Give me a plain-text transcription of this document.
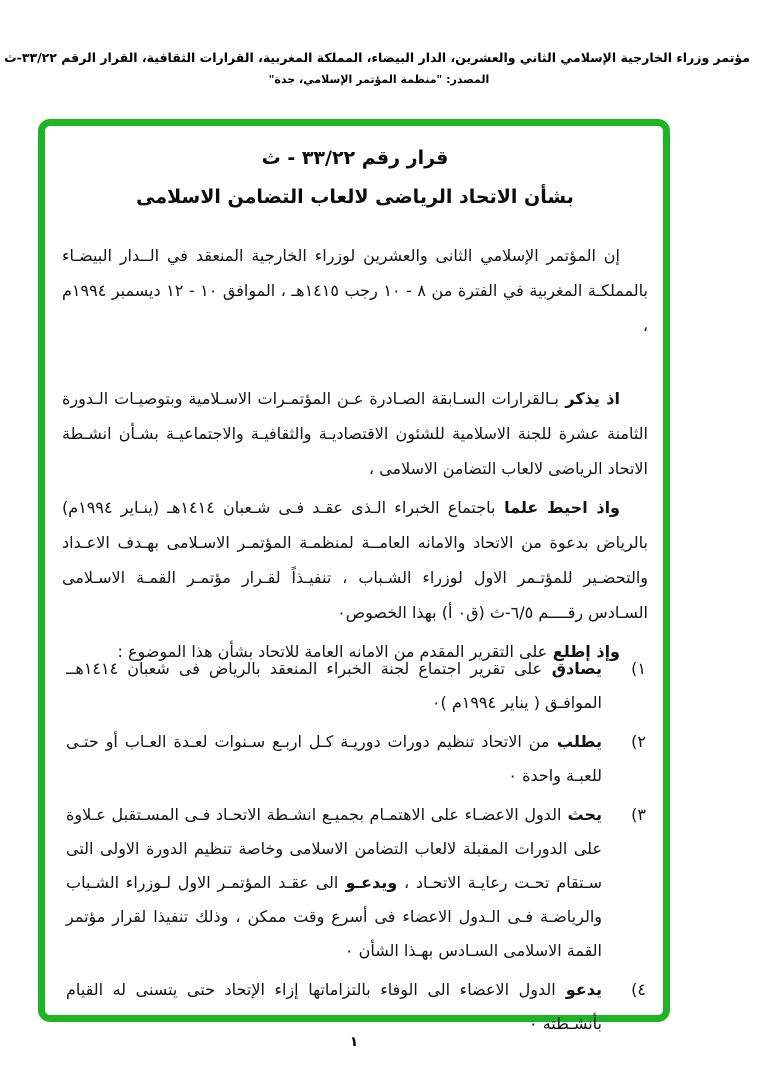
مؤتمر وزراء الخارجية الإسلامي الثاني والعشرين، الدار البيضاء، المملكة المغربية، القرارات الثقافية، القرار الرقم ٣٣/٢٢-ث
المصدر: "منظمة المؤتمر الإسلامي، جدة"
قرار رقم ٣٣/٢٢ - ث
بشأن الاتحاد الرياضى لالعاب التضامن الاسلامى

إن المؤتمر الإسلامي الثانى والعشرين لوزراء الخارجية المنعقد في الــدار البيضـاء بالمملكـة المغربية في الفترة من ٨ - ١٠ رجب ١٤١٥هـ ، الموافق ١٠ - ١٢ ديسمبر ١٩٩٤م ،

اذ يذكر بـالقرارات السـابقة الصـادرة عـن المؤتمـرات الاسـلامية وبتوصيـات الـدورة الثامنة عشرة للجنة الاسلامية للشئون الاقتصاديـة والثقافيـة والاجتماعيـة بشـأن انشـطة الاتحاد الرياضى لالعاب التضامن الاسلامى ،

واذ احيط علما باجتماع الخبراء الـذى عقـد فـى شـعبان ١٤١٤هـ (ينـاير ١٩٩٤م) بالرياض بدعوة من الاتحاد والامانه العامــة لمنظمـة المؤتمـر الاسـلامى بهـدف الاعـداد والتحضـير للمؤتـمر الاول لوزراء الشـباب ، تنفيـذاً لقـرار مؤتمـر القمـة الاسـلامى السـادس رقــــم ٦/٥-ث (ق٠ أ) بهذا الخصوص٠

وإذ إطلع على التقرير المقدم من الامانه العامة للاتحاد بشأن هذا الموضوع :

١)
يصادق على تقرير اجتماع لجنة الخبراء المنعقد بالرياض فى شعبان ١٤١٤هــ الموافـق ( يناير ١٩٩٤م )٠
٢)
يطلب من الاتحاد تنظيم دورات دوريـة كـل اربـع سـنوات لعـدة العـاب أو حتـى للعبـة واحدة ٠
٣)
يحث الدول الاعضـاء على الاهتمـام بجميـع انشـطة الاتحـاد فـى المسـتقبل عـلاوة على الدورات المقبلة لالعاب التضامن الاسلامى وخاصة تنظيم الدورة الاولى التى سـتقام تحـت رعايـة الاتحـاد ، ويدعـو الى عقـد المؤتمـر الاول لـوزراء الشـباب والرياضـة فـى الـدول الاعضاء فى أسرع وقت ممكن ، وذلك تنفيذا لقرار مؤتمر القمة الاسلامى السـادس بهـذا الشأن ٠
٤)
يدعو الدول الاعضاء الى الوفاء بالتزاماتها إزاء الإتحاد حتى يتسنى له القيام بأنشـطته ٠
١
